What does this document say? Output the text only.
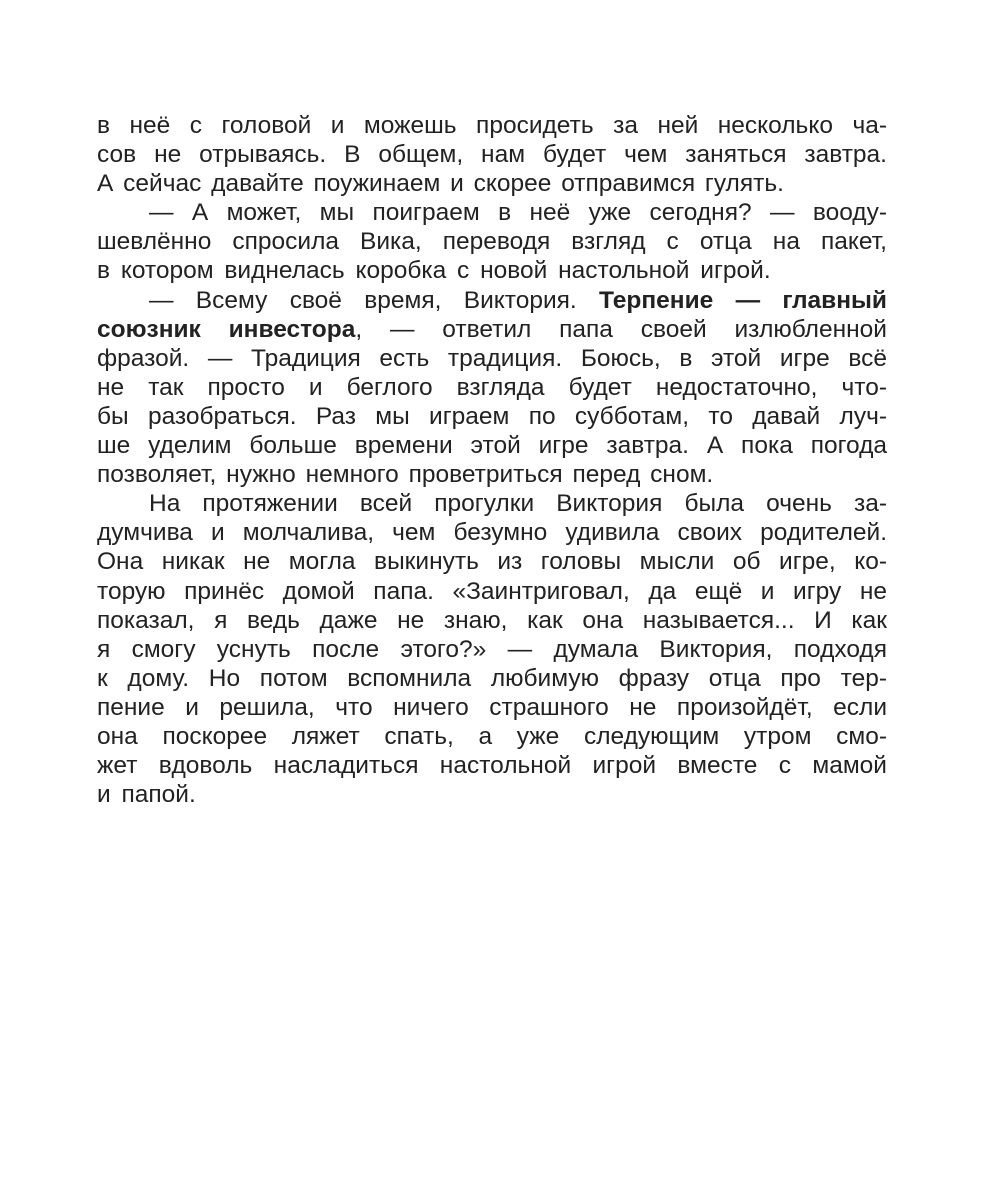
в неё с головой и можешь просидеть за ней несколько ча-
сов не отрываясь. В общем, нам будет чем заняться завтра.
А сейчас давайте поужинаем и скорее отправимся гулять.
— А может, мы поиграем в неё уже сегодня? — вооду-
шевлённо спросила Вика, переводя взгляд с отца на пакет,
в котором виднелась коробка с новой настольной игрой.
— Всему своё время, Виктория. Терпение — главный
союзник инвестора, — ответил папа своей излюбленной
фразой. — Традиция есть традиция. Боюсь, в этой игре всё
не так просто и беглого взгляда будет недостаточно, что-
бы разобраться. Раз мы играем по субботам, то давай луч-
ше уделим больше времени этой игре завтра. А пока погода
позволяет, нужно немного проветриться перед сном.
На протяжении всей прогулки Виктория была очень за-
думчива и молчалива, чем безумно удивила своих родителей.
Она никак не могла выкинуть из головы мысли об игре, ко-
торую принёс домой папа. «Заинтриговал, да ещё и игру не
показал, я ведь даже не знаю, как она называется... И как
я смогу уснуть после этого?» — думала Виктория, подходя
к дому. Но потом вспомнила любимую фразу отца про тер-
пение и решила, что ничего страшного не произойдёт, если
она поскорее ляжет спать, а уже следующим утром смо-
жет вдоволь насладиться настольной игрой вместе с мамой
и папой.
